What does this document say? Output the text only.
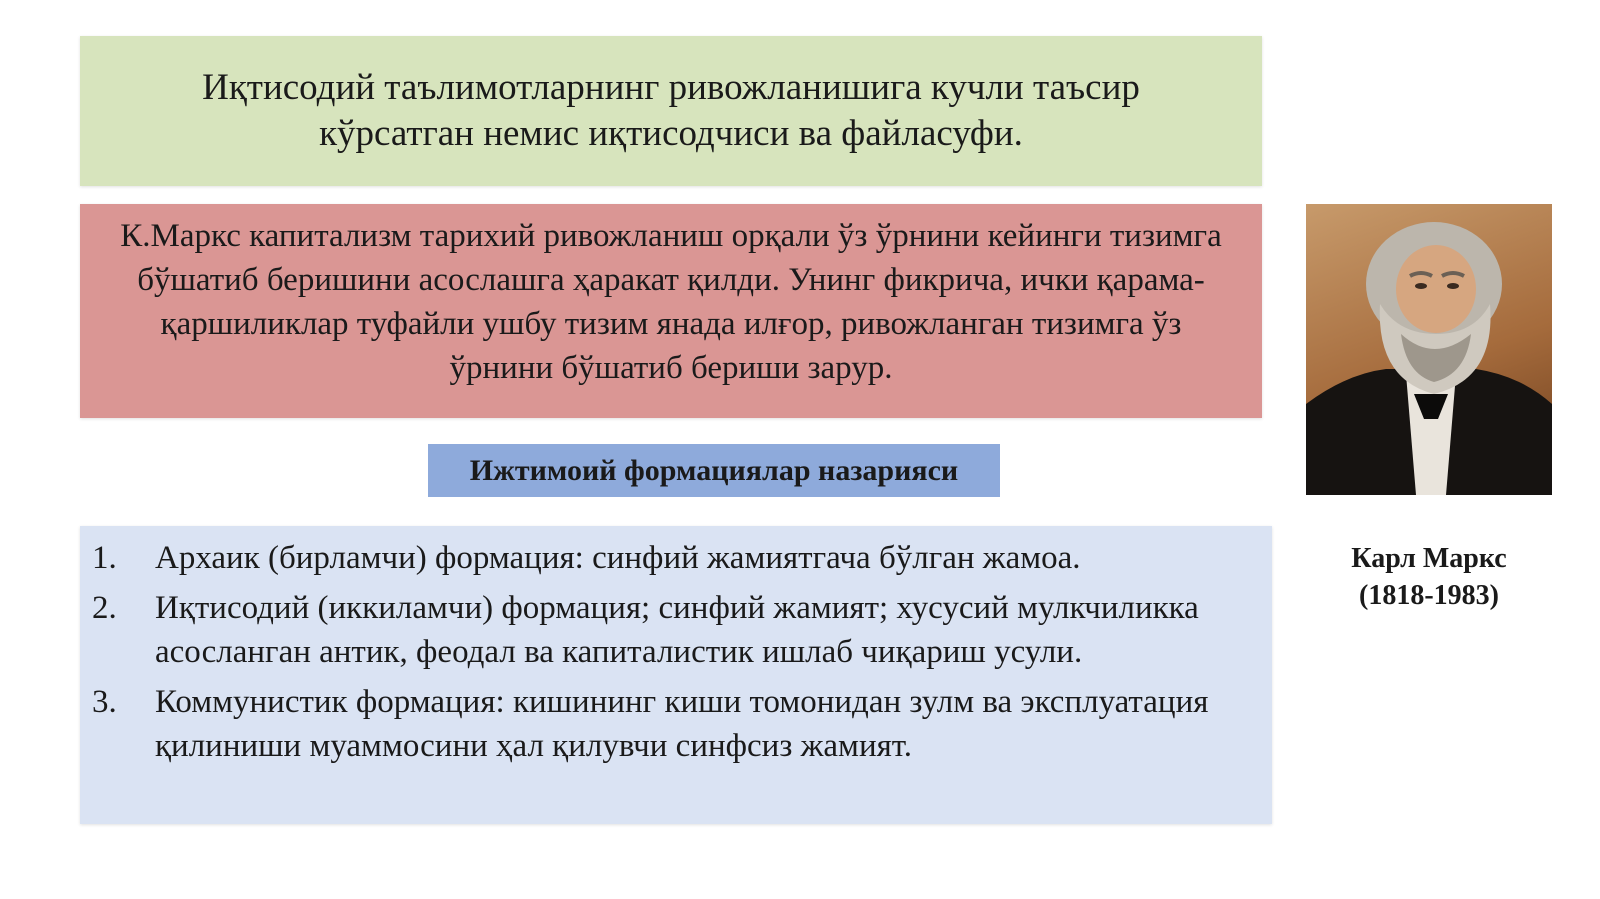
Иқтисодий таълимотларнинг ривожланишига кучли таъсир кўрсатган немис иқтисодчиси ва файласуфи.
К.Маркс капитализм тарихий ривожланиш орқали ўз ўрнини кейинги тизимга бўшатиб беришини асослашга ҳаракат қилди. Унинг фикрича, ички қарама-қаршиликлар туфайли ушбу тизим янада илғор, ривожланган тизимга ўз ўрнини бўшатиб бериши зарур.
Ижтимоий формациялар назарияси
1.	Архаик (бирламчи) формация: синфий жамиятгача бўлган жамоа.
2.	Иқтисодий (иккиламчи) формация; синфий жамият; хусусий мулкчиликка асосланган антик, феодал ва капиталистик ишлаб чиқариш усули.
3.	Коммунистик формация: кишининг киши томонидан зулм ва эксплуатация қилиниши муаммосини ҳал қилувчи синфсиз жамият.
Карл Маркс
(1818-1983)
